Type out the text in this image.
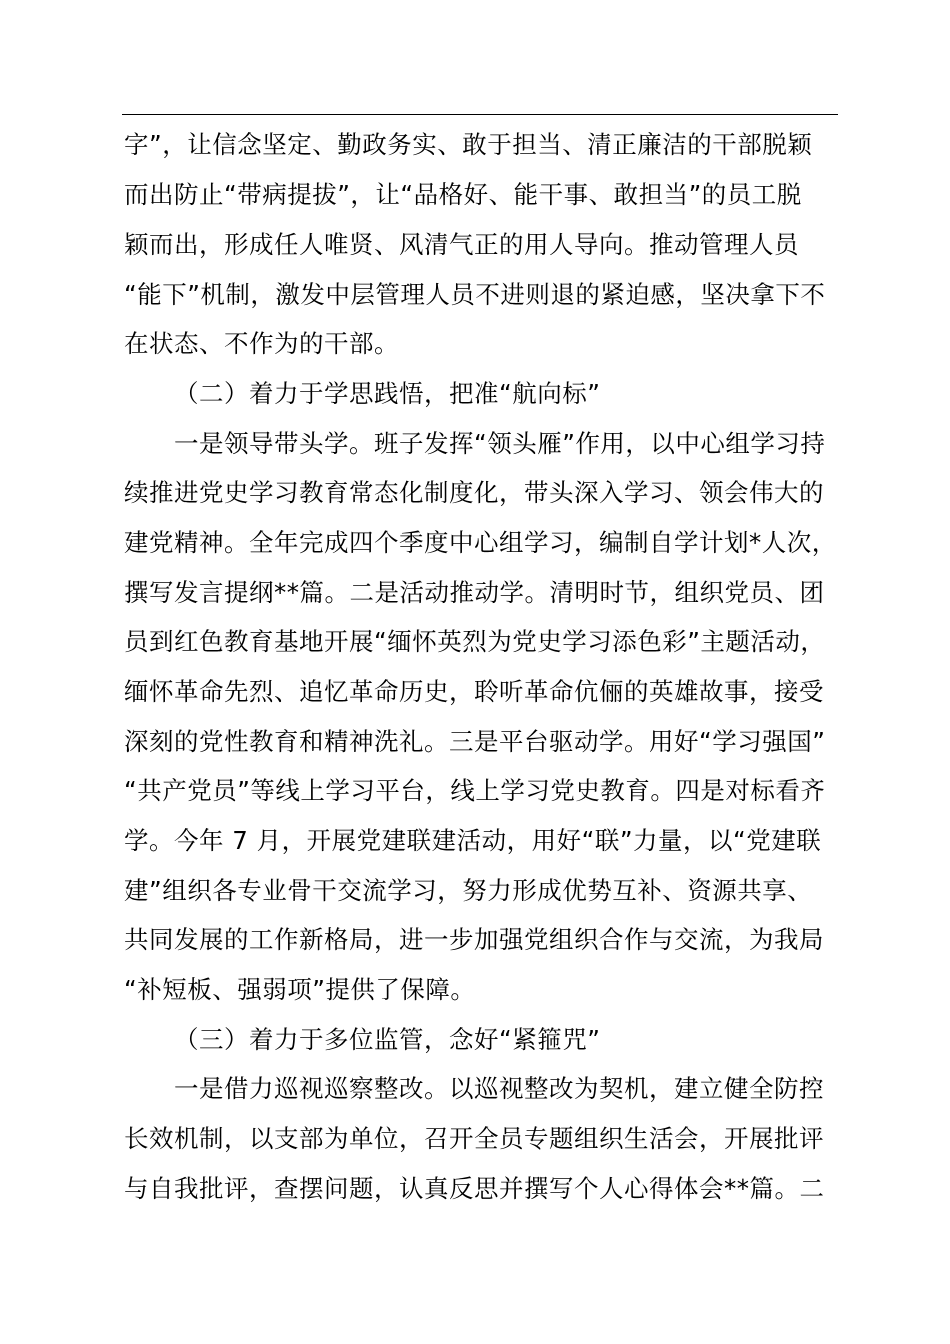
字”，让信念坚定、勤政务实、敢于担当、清正廉洁的干部脱颖
而出防止“带病提拔”，让“品格好、能干事、敢担当”的员工脱
颖而出，形成任人唯贤、风清气正的用人导向。推动管理人员
“能下”机制，激发中层管理人员不进则退的紧迫感，坚决拿下不
在状态、不作为的干部。
（二）着力于学思践悟，把准“航向标”
一是领导带头学。班子发挥“领头雁”作用，以中心组学习持
续推进党史学习教育常态化制度化，带头深入学习、领会伟大的
建党精神。全年完成四个季度中心组学习，编制自学计划*人次，
撰写发言提纲**篇。二是活动推动学。清明时节，组织党员、团
员到红色教育基地开展“缅怀英烈为党史学习添色彩”主题活动，
缅怀革命先烈、追忆革命历史，聆听革命伉俪的英雄故事，接受
深刻的党性教育和精神洗礼。三是平台驱动学。用好“学习强国”
“共产党员”等线上学习平台，线上学习党史教育。四是对标看齐
学。今年 7 月，开展党建联建活动，用好“联”力量，以“党建联
建”组织各专业骨干交流学习，努力形成优势互补、资源共享、
共同发展的工作新格局，进一步加强党组织合作与交流，为我局
“补短板、强弱项”提供了保障。
（三）着力于多位监管，念好“紧箍咒”
一是借力巡视巡察整改。以巡视整改为契机，建立健全防控
长效机制，以支部为单位，召开全员专题组织生活会，开展批评
与自我批评，查摆问题，认真反思并撰写个人心得体会**篇。二
